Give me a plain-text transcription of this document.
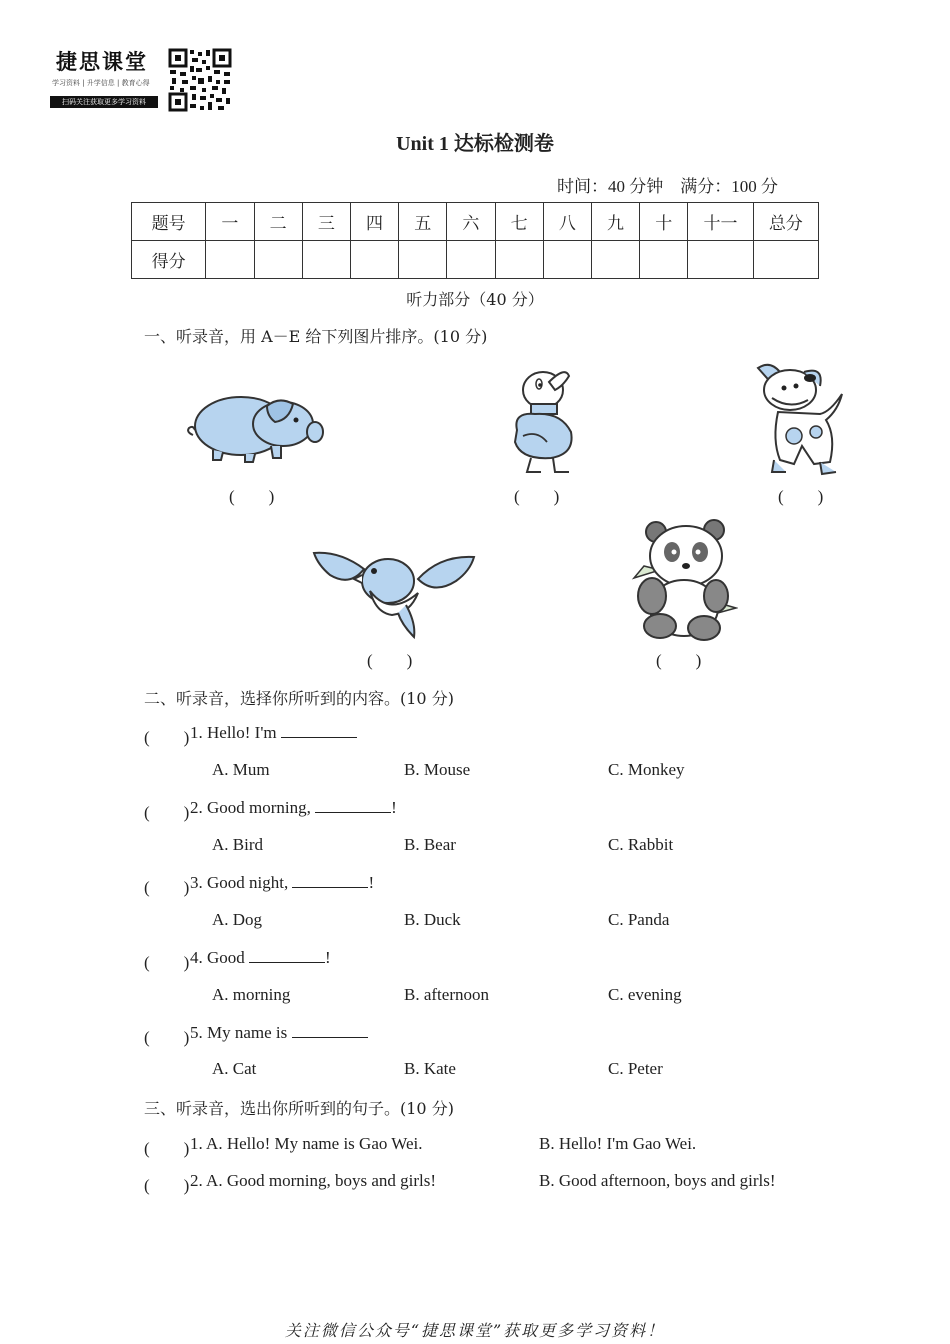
捷思课堂
学习资料 | 升学信息 | 教育心得
扫码关注获取更多学习资料
Unit 1 达标检测卷
时间：40 分钟　 满分：100 分
题号	一	二	三	四	五	六	七	八	九	十	十一	总分
得分												
听力部分（40 分）
一、听录音，用 A－E 给下列图片排序。(10 分)
(　　)	(　　)	(　　)
(　　)	(　　)
二、听录音，选择你所听到的内容。(10 分)
(　　) 1. Hello! I'm
A. Mum	B. Mouse	C. Monkey
(　　) 2. Good morning,	!
A. Bird	B. Bear	C. Rabbit
(　　) 3. Good night,	!
A. Dog	B. Duck	C. Panda
(　　) 4. Good	!
A. morning	B. afternoon	C. evening
(　　) 5. My name is
A. Cat	B. Kate	C. Peter
三、听录音，选出你所听到的句子。(10 分)
(　　) 1. A. Hello! My name is Gao Wei.	B. Hello! I'm Gao Wei.
(　　) 2. A. Good morning, boys and girls!	B. Good afternoon, boys and girls!
关注微信公众号“捷思课堂”获取更多学习资料！
